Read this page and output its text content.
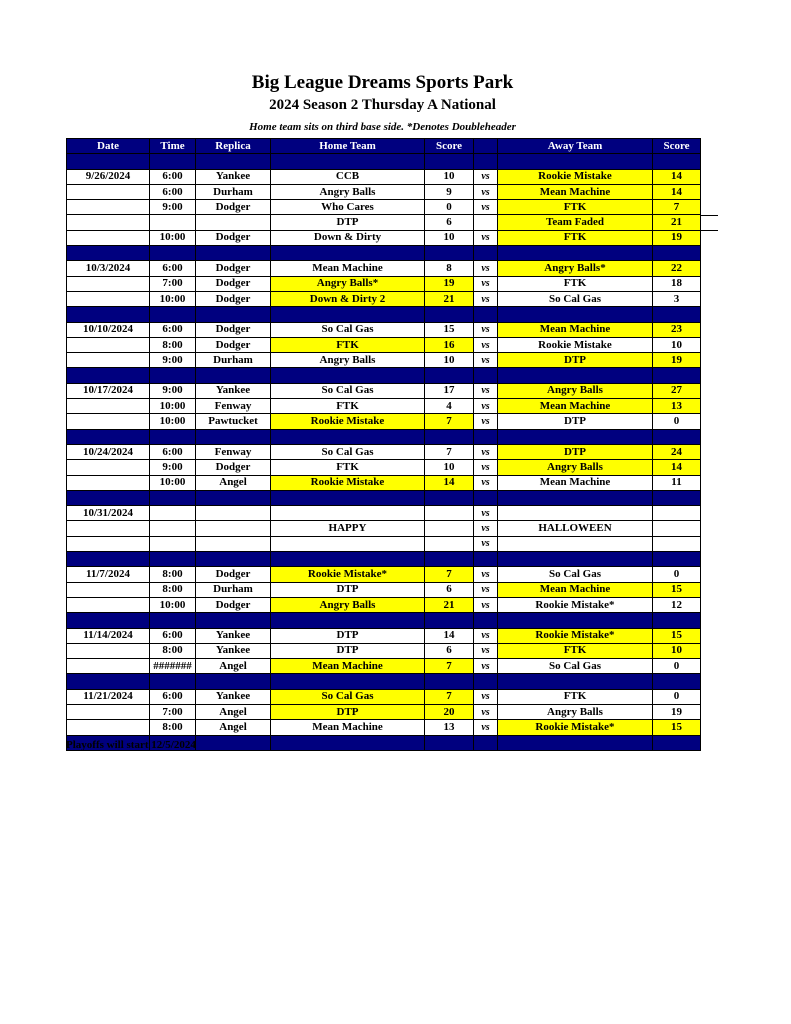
Big League Dreams Sports Park
2024 Season 2 Thursday A National
Home team sits on third base side. *Denotes Doubleheader
Date	Time	Replica	Home Team	Score		Away Team	Score

9/26/2024	6:00	Yankee	CCB	10	vs	Rookie Mistake	14
	6:00	Durham	Angry Balls	9	vs	Mean Machine	14
	9:00	Dodger	Who Cares	0	vs	FTK	7
			DTP	6		Team Faded	21
	10:00	Dodger	Down & Dirty	10	vs	FTK	19

10/3/2024	6:00	Dodger	Mean Machine	8	vs	Angry Balls*	22
	7:00	Dodger	Angry Balls*	19	vs	FTK	18
	10:00	Dodger	Down & Dirty 2	21	vs	So Cal Gas	3

10/10/2024	6:00	Dodger	So Cal Gas	15	vs	Mean Machine	23
	8:00	Dodger	FTK	16	vs	Rookie Mistake	10
	9:00	Durham	Angry Balls	10	vs	DTP	19

10/17/2024	9:00	Yankee	So Cal Gas	17	vs	Angry Balls	27
	10:00	Fenway	FTK	4	vs	Mean Machine	13
	10:00	Pawtucket	Rookie Mistake	7	vs	DTP	0

10/24/2024	6:00	Fenway	So Cal Gas	7	vs	DTP	24
	9:00	Dodger	FTK	10	vs	Angry Balls	14
	10:00	Angel	Rookie Mistake	14	vs	Mean Machine	11

10/31/2024					vs		
			HAPPY		vs	HALLOWEEN	
					vs		

11/7/2024	8:00	Dodger	Rookie Mistake*	7	vs	So Cal Gas	0
	8:00	Durham	DTP	6	vs	Mean Machine	15
	10:00	Dodger	Angry Balls	21	vs	Rookie Mistake*	12

11/14/2024	6:00	Yankee	DTP	14	vs	Rookie Mistake*	15
	8:00	Yankee	DTP	6	vs	FTK	10
	#######	Angel	Mean Machine	7	vs	So Cal Gas	0

11/21/2024	6:00	Yankee	So Cal Gas	7	vs	FTK	0
	7:00	Angel	DTP	20	vs	Angry Balls	19
	8:00	Angel	Mean Machine	13	vs	Rookie Mistake*	15

Playoffs will start 12/5/2024
